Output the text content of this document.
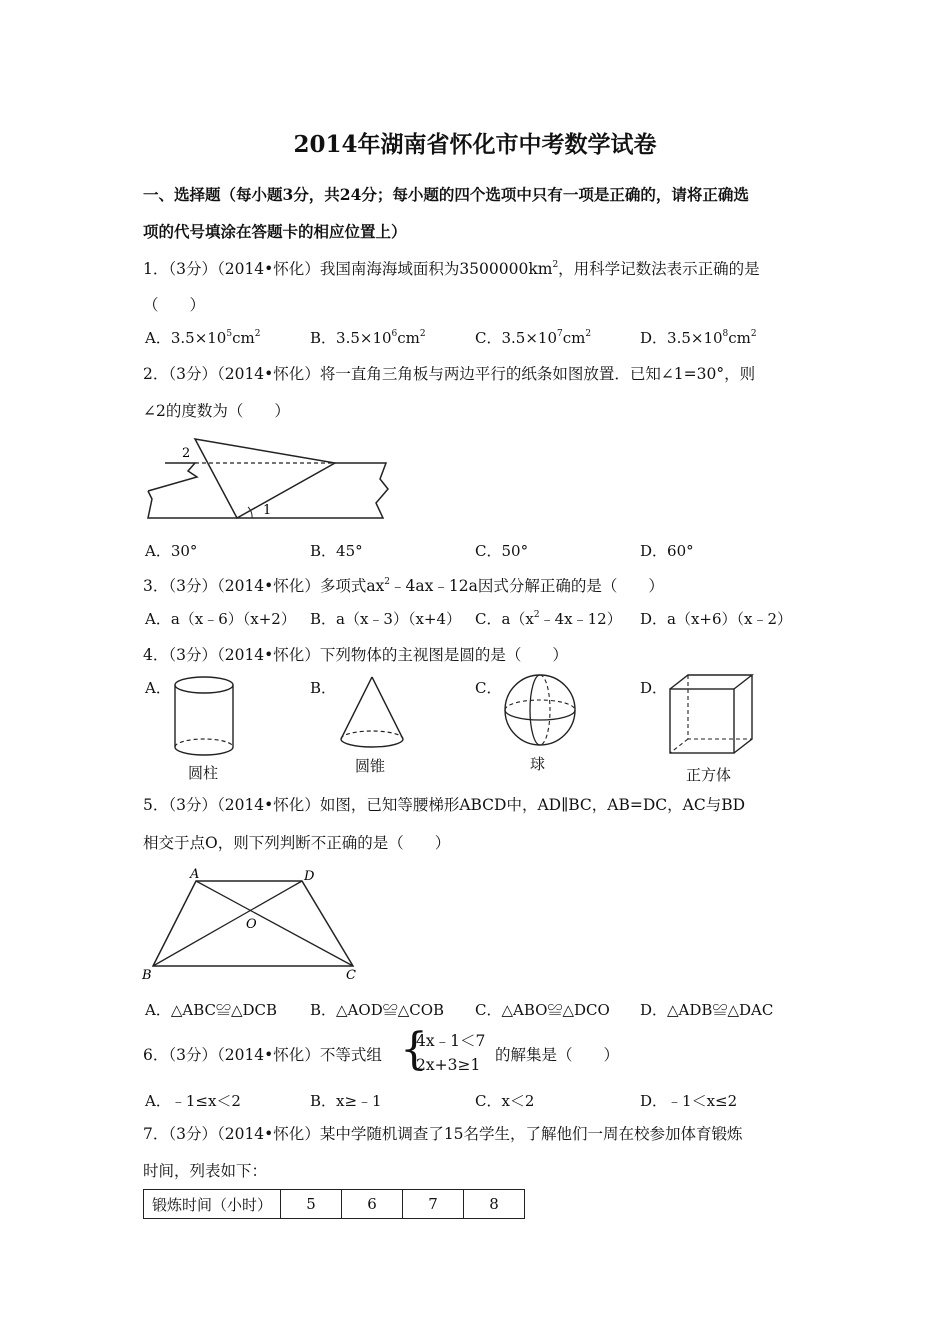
2014年湖南省怀化市中考数学试卷
一、选择题（每小题3分，共24分；每小题的四个选项中只有一项是正确的，请将正确选
项的代号填涂在答题卡的相应位置上）
1．（3分）（2014•怀化）我国南海海域面积为$3500000km^2$，用科学记数法表示正确的是
（　　）
A．$3.5\times 10^5cm^2$	B．$3.5\times 10^6cm^2$	C．$3.5\times 10^7cm^2$	D．$3.5\times 10^8cm^2$
2．（3分）（2014•怀化）将一直角三角板与两边平行的纸条如图放置．已知∠1=30°，则
∠2的度数为（　　）
2
1
A．30°	B．45°	C．50°	D．60°
3．（3分）（2014•怀化）多项式$ax^2﹣4ax﹣12a$因式分解正确的是（　　）
A．a（x﹣6）（x+2） B．a（x﹣3）（x+4） C．$a(x^2﹣4x﹣12)$ D．a（x+6）（x﹣2）
4．（3分）（2014•怀化）下列物体的主视图是圆的是（　　）
A．	B．	C．	D．
圆柱	圆锥	球
正方体
5．（3分）（2014•怀化）如图，已知等腰梯形ABCD中，AD∥BC，AB=DC，AC与BD
相交于点O，则下列判断不正确的是（　　）
A	D
O
B	C
A．△ABC≌△DCB B．△AOD≌△COB C．△ABO≌△DCO D．△ADB≌△DAC
6．（3分）（2014•怀化）不等式组 {
4x﹣1＜7
2x+3≥1
的解集是（　　）
A．﹣1≤x＜2	B．x≥﹣1	C．x＜2	D．﹣1＜x≤2
7．（3分）（2014•怀化）某中学随机调查了15名学生，了解他们一周在校参加体育锻炼
时间，列表如下：
锻炼时间（小时）	5	6	7	8
